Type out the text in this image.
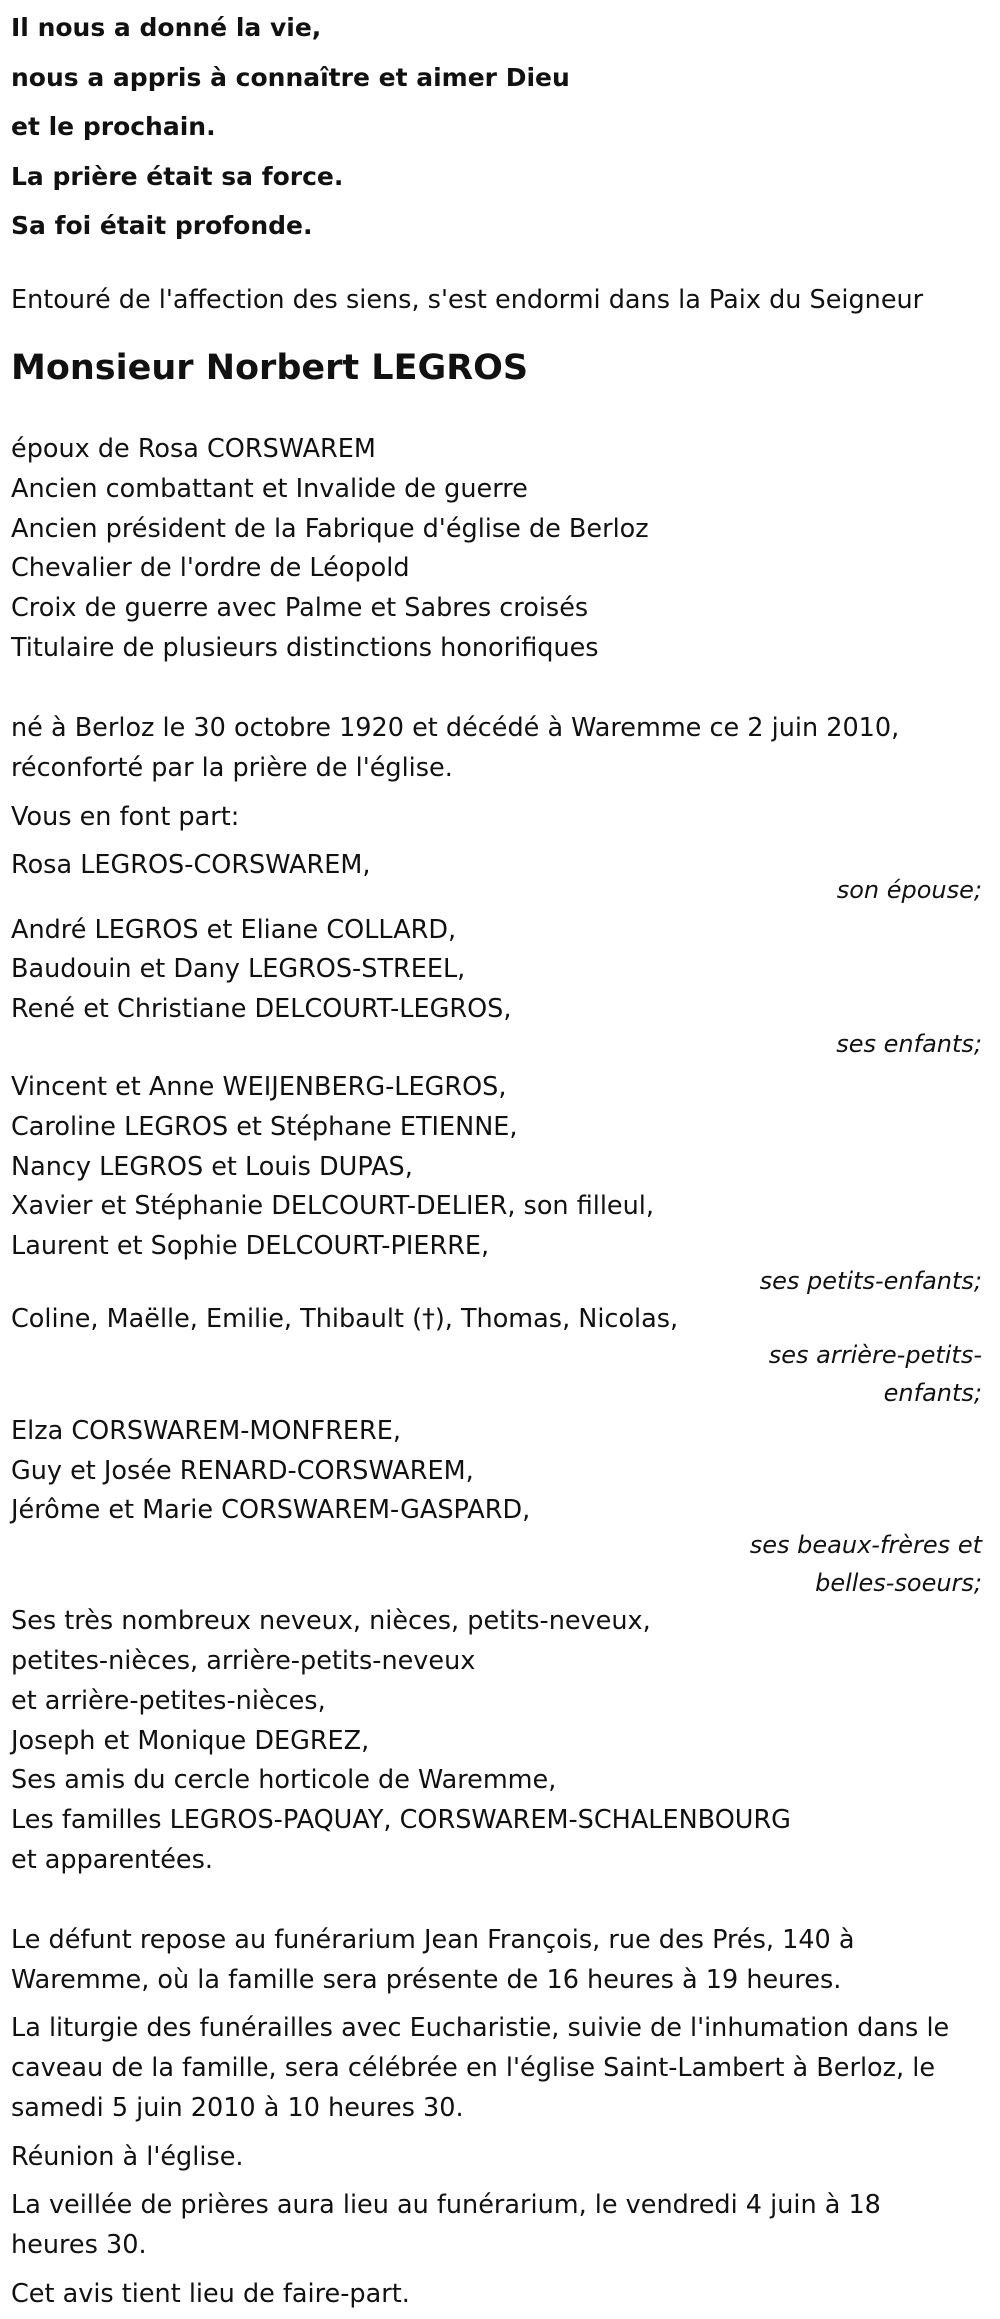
Il nous a donné la vie,
nous a appris à connaître et aimer Dieu
et le prochain.
La prière était sa force.
Sa foi était profonde.
Entouré de l'affection des siens, s'est endormi dans la Paix du Seigneur
Monsieur Norbert LEGROS
époux de Rosa CORSWAREM
Ancien combattant et Invalide de guerre
Ancien président de la Fabrique d'église de Berloz
Chevalier de l'ordre de Léopold
Croix de guerre avec Palme et Sabres croisés
Titulaire de plusieurs distinctions honorifiques
né à Berloz le 30 octobre 1920 et décédé à Waremme ce 2 juin 2010,
réconforté par la prière de l'église.
Vous en font part:
Rosa LEGROS-CORSWAREM,
son épouse;
André LEGROS et Eliane COLLARD,
Baudouin et Dany LEGROS-STREEL,
René et Christiane DELCOURT-LEGROS,
ses enfants;
Vincent et Anne WEIJENBERG-LEGROS,
Caroline LEGROS et Stéphane ETIENNE,
Nancy LEGROS et Louis DUPAS,
Xavier et Stéphanie DELCOURT-DELIER, son filleul,
Laurent et Sophie DELCOURT-PIERRE,
ses petits-enfants;
Coline, Maëlle, Emilie, Thibault (†), Thomas, Nicolas,
ses arrière-petits-
enfants;
Elza CORSWAREM-MONFRERE,
Guy et Josée RENARD-CORSWAREM,
Jérôme et Marie CORSWAREM-GASPARD,
ses beaux-frères et
belles-soeurs;
Ses très nombreux neveux, nièces, petits-neveux,
petites-nièces, arrière-petits-neveux
et arrière-petites-nièces,
Joseph et Monique DEGREZ,
Ses amis du cercle horticole de Waremme,
Les familles LEGROS-PAQUAY, CORSWAREM-SCHALENBOURG
et apparentées.
Le défunt repose au funérarium Jean François, rue des Prés, 140 à
Waremme, où la famille sera présente de 16 heures à 19 heures.
La liturgie des funérailles avec Eucharistie, suivie de l'inhumation dans le
caveau de la famille, sera célébrée en l'église Saint-Lambert à Berloz, le
samedi 5 juin 2010 à 10 heures 30.
Réunion à l'église.
La veillée de prières aura lieu au funérarium, le vendredi 4 juin à 18
heures 30.
Cet avis tient lieu de faire-part.
